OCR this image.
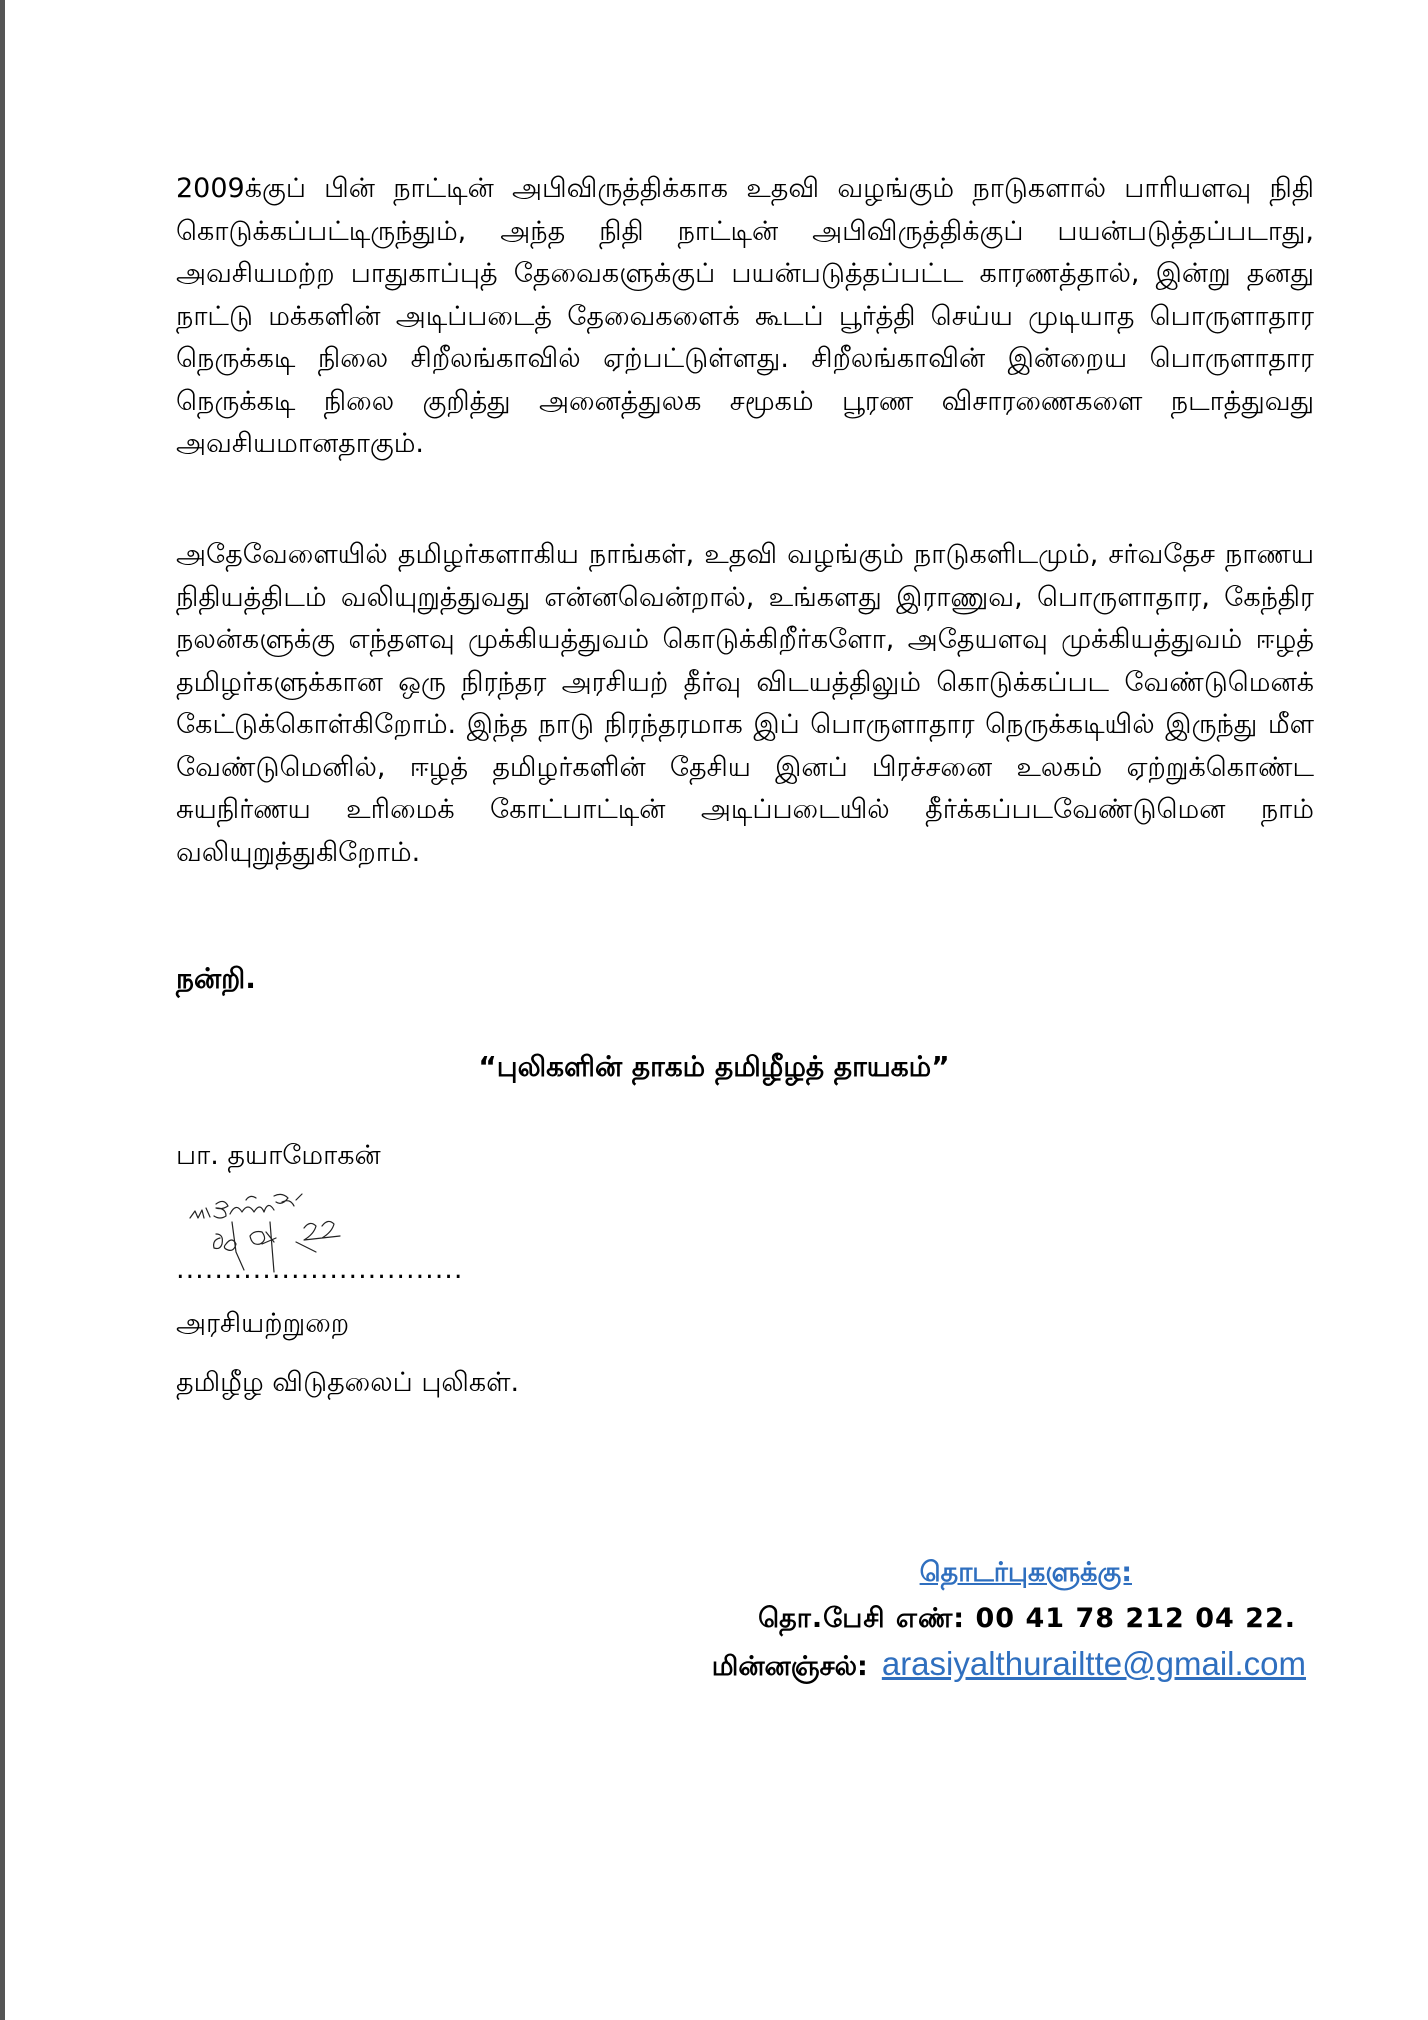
2009க்குப் பின் நாட்டின் அபிவிருத்திக்காக உதவி வழங்கும் நாடுகளால் பாரியளவு நிதி கொடுக்கப்பட்டிருந்தும், அந்த நிதி நாட்டின் அபிவிருத்திக்குப் பயன்படுத்தப்படாது, அவசியமற்ற பாதுகாப்புத் தேவைகளுக்குப் பயன்படுத்தப்பட்ட காரணத்தால், இன்று தனது நாட்டு மக்களின் அடிப்படைத் தேவைகளைக் கூடப் பூர்த்தி செய்ய முடியாத பொருளாதார நெருக்கடி நிலை சிறீலங்காவில் ஏற்பட்டுள்ளது. சிறீலங்காவின் இன்றைய பொருளாதார நெருக்கடி நிலை குறித்து அனைத்துலக சமூகம் பூரண விசாரணைகளை நடாத்துவது அவசியமானதாகும்.

அதேவேளையில் தமிழர்களாகிய நாங்கள், உதவி வழங்கும் நாடுகளிடமும், சர்வதேச நாணய நிதியத்திடம் வலியுறுத்துவது என்னவென்றால், உங்களது இராணுவ, பொருளாதார, கேந்திர நலன்களுக்கு எந்தளவு முக்கியத்துவம் கொடுக்கிறீர்களோ, அதேயளவு முக்கியத்துவம் ஈழத் தமிழர்களுக்கான ஒரு நிரந்தர அரசியற் தீர்வு விடயத்திலும் கொடுக்கப்பட வேண்டுமெனக் கேட்டுக்கொள்கிறோம். இந்த நாடு நிரந்தரமாக இப் பொருளாதார நெருக்கடியில் இருந்து மீள வேண்டுமெனில், ஈழத் தமிழர்களின் தேசிய இனப் பிரச்சனை உலகம் ஏற்றுக்கொண்ட சுயநிர்ணய உரிமைக் கோட்பாட்டின் அடிப்படையில் தீர்க்கப்படவேண்டுமென நாம் வலியுறுத்துகிறோம்.

நன்றி.

“புலிகளின் தாகம் தமிழீழத் தாயகம்”

பா. தயாமோகன்

..............................

அரசியற்றுறை

தமிழீழ விடுதலைப் புலிகள்.

தொடர்புகளுக்கு:

தொ.பேசி எண்: 00 41 78 212 04 22.

மின்னஞ்சல்: arasiyalthurailtte@gmail.com
